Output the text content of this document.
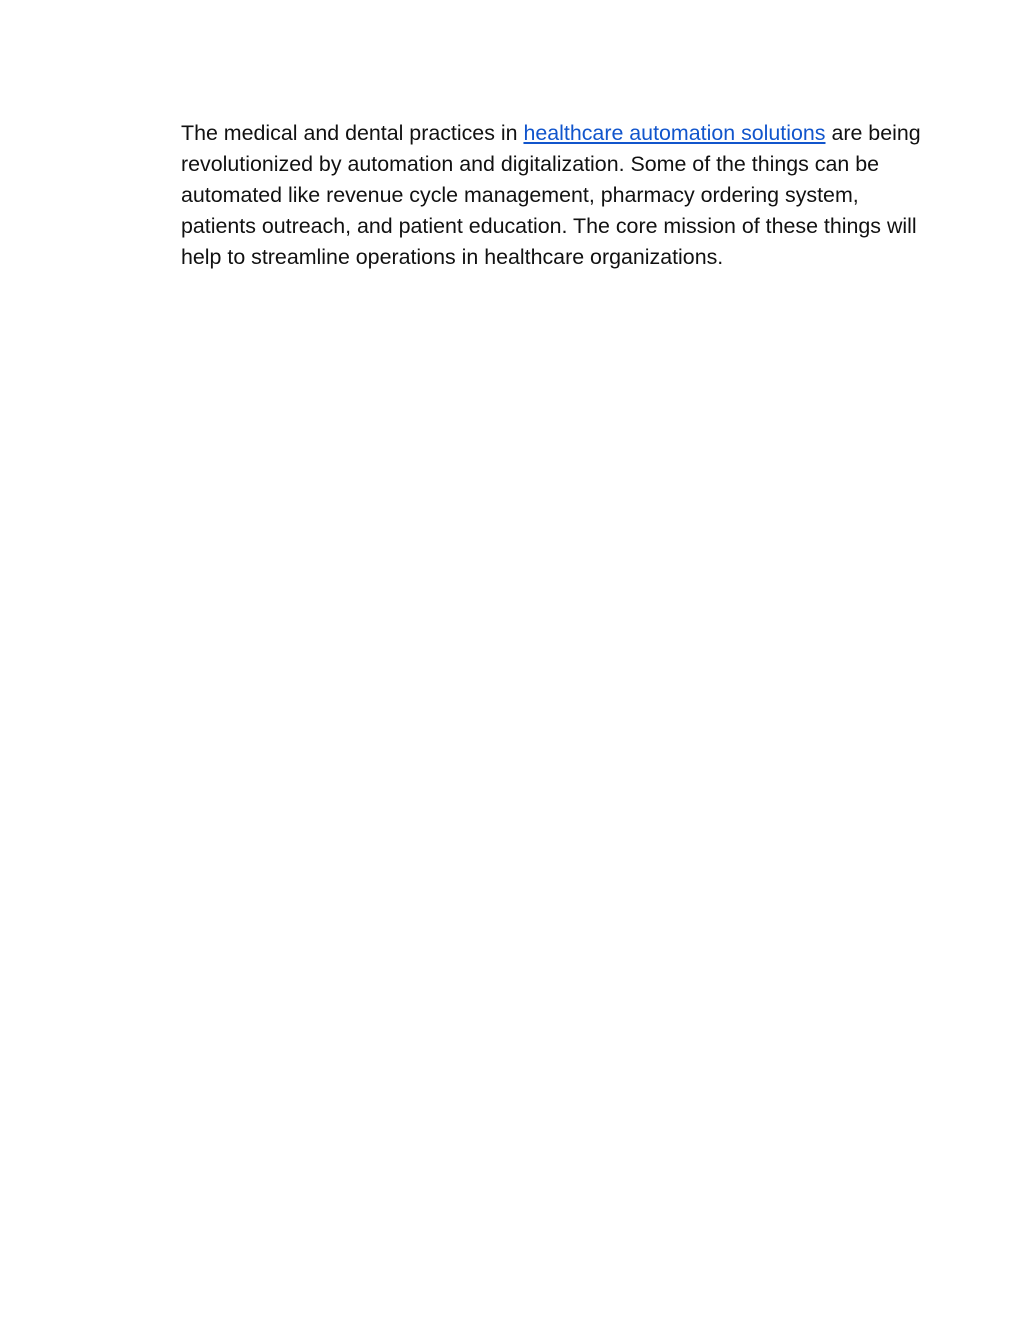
The medical and dental practices in healthcare automation solutions are being revolutionized by automation and digitalization. Some of the things can be automated like revenue cycle management, pharmacy ordering system, patients outreach, and patient education. The core mission of these things will help to streamline operations in healthcare organizations.
